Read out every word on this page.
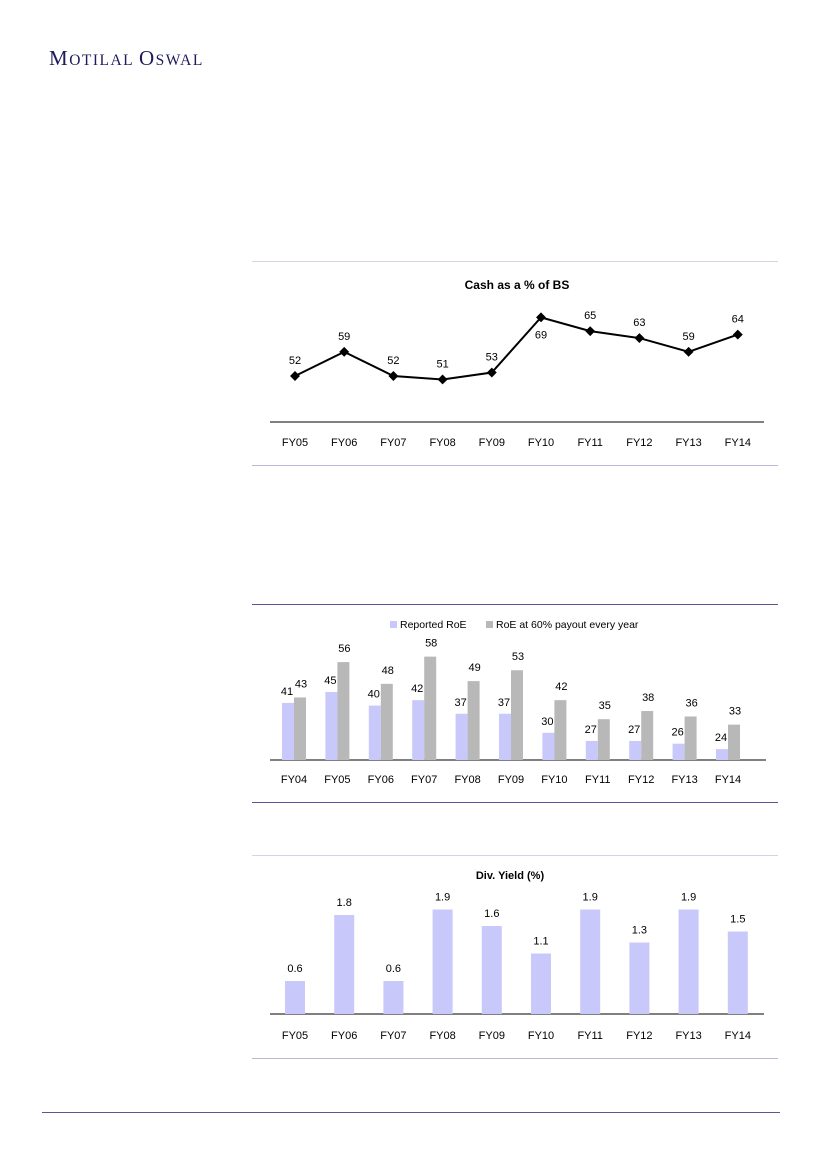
MOTILAL OSWAL
Cash as a % of BS
52
59
52	51
53
69
65
63
59
64
FY05 FY06 FY07 FY08 FY09 FY10 FY11 FY12 FY13 FY14
Reported RoE	RoE at 60% payout every year
41
43
FY04
45
56
FY05
40
48
FY06
42
58
FY07
37
49
FY08
37
53
FY09
30
42
FY10
27
35
FY11
27
38
FY12
26
36
FY13
24
33
FY14
Div. Yield (%)
0.6
FY05
1.8
FY06
0.6
FY07
1.9
FY08
1.6
FY09
1.1
FY10
1.9
FY11
1.3
FY12
1.9
FY13
1.5
FY14
